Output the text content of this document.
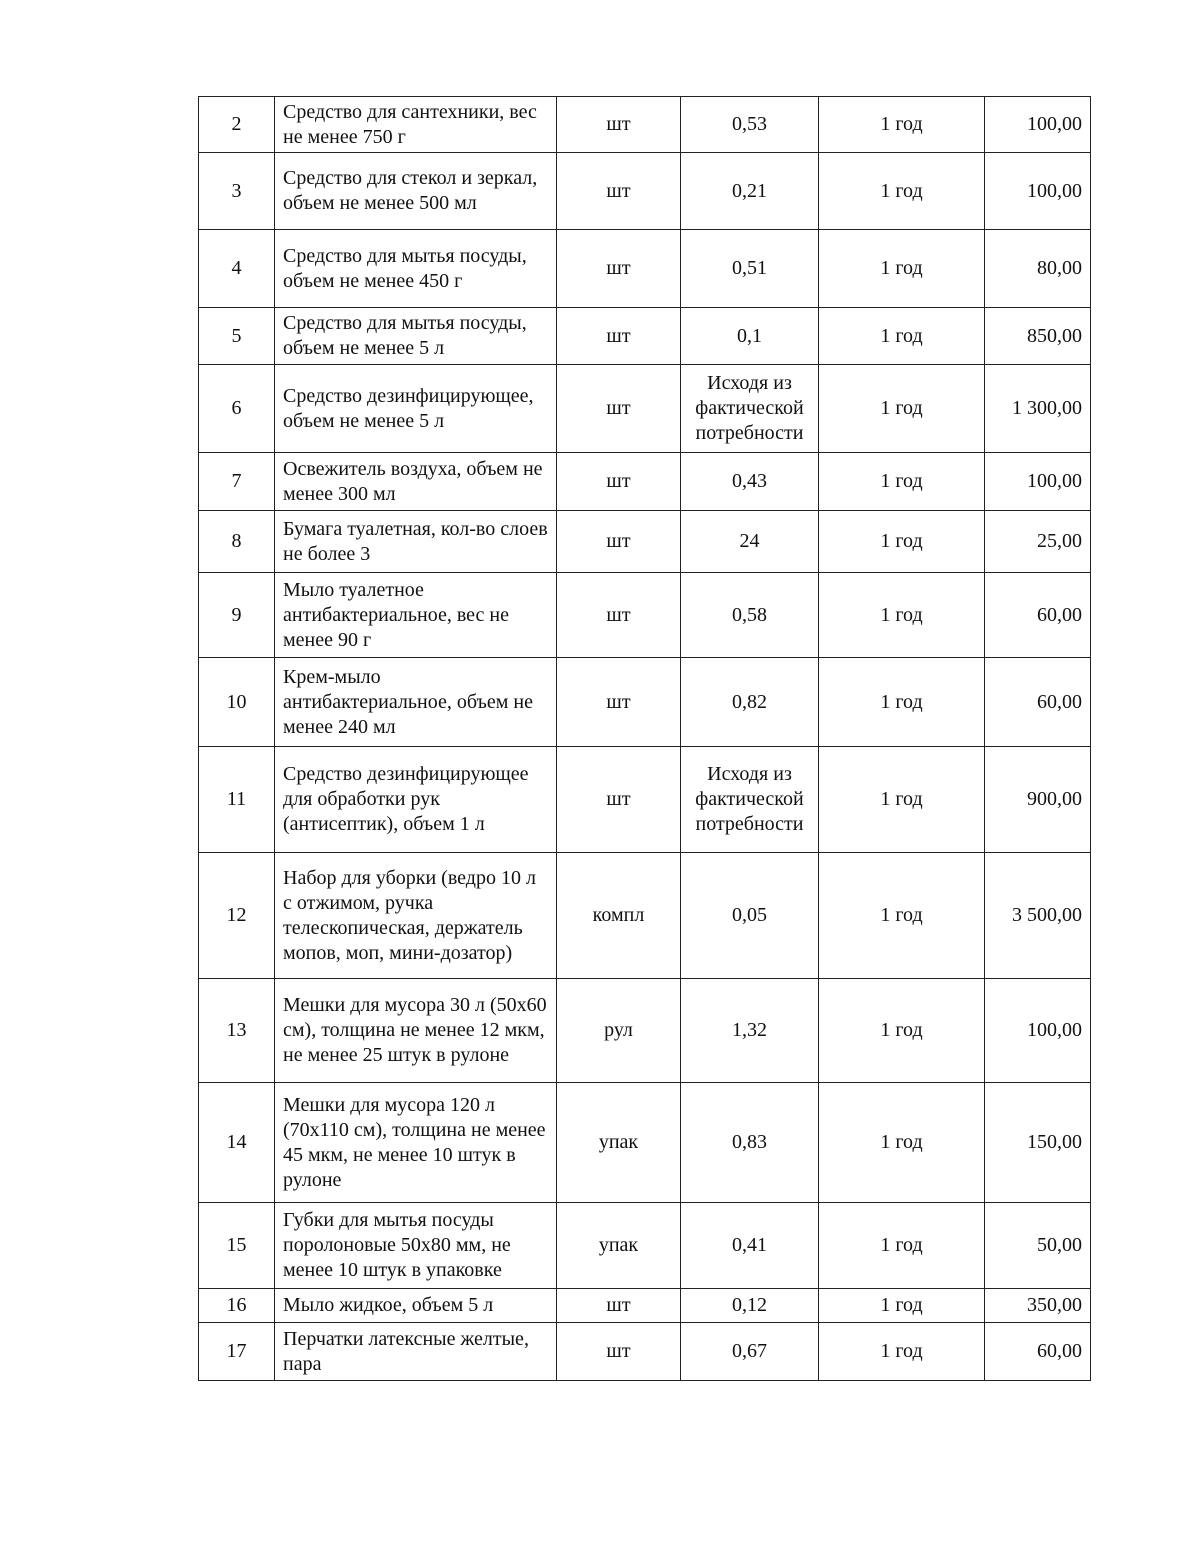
2	Средство для сантехники, вес не менее 750 г	шт	0,53	1 год	100,00
3	Средство для стекол и зеркал, объем не менее 500 мл	шт	0,21	1 год	100,00
4	Средство для мытья посуды, объем не менее 450 г	шт	0,51	1 год	80,00
5	Средство для мытья посуды, объем не менее 5 л	шт	0,1	1 год	850,00
6	Средство дезинфицирующее, объем не менее 5 л	шт	Исходя из фактической потребности	1 год	1 300,00
7	Освежитель воздуха, объем не менее 300 мл	шт	0,43	1 год	100,00
8	Бумага туалетная, кол-во слоев не более 3	шт	24	1 год	25,00
9	Мыло туалетное антибактериальное, вес не менее 90 г	шт	0,58	1 год	60,00
10	Крем-мыло антибактериальное, объем не менее 240 мл	шт	0,82	1 год	60,00
11	Средство дезинфицирующее для обработки рук (антисептик), объем 1 л	шт	Исходя из фактической потребности	1 год	900,00
12	Набор для уборки (ведро 10 л с отжимом, ручка телескопическая, держатель мопов, моп, мини-дозатор)	компл	0,05	1 год	3 500,00
13	Мешки для мусора 30 л (50х60 см), толщина не менее 12 мкм, не менее 25 штук в рулоне	рул	1,32	1 год	100,00
14	Мешки для мусора 120 л (70х110 см), толщина не менее 45 мкм, не менее 10 штук в рулоне	упак	0,83	1 год	150,00
15	Губки для мытья посуды поролоновые 50х80 мм, не менее 10 штук в упаковке	упак	0,41	1 год	50,00
16	Мыло жидкое, объем 5 л	шт	0,12	1 год	350,00
17	Перчатки латексные желтые, пара	шт	0,67	1 год	60,00
